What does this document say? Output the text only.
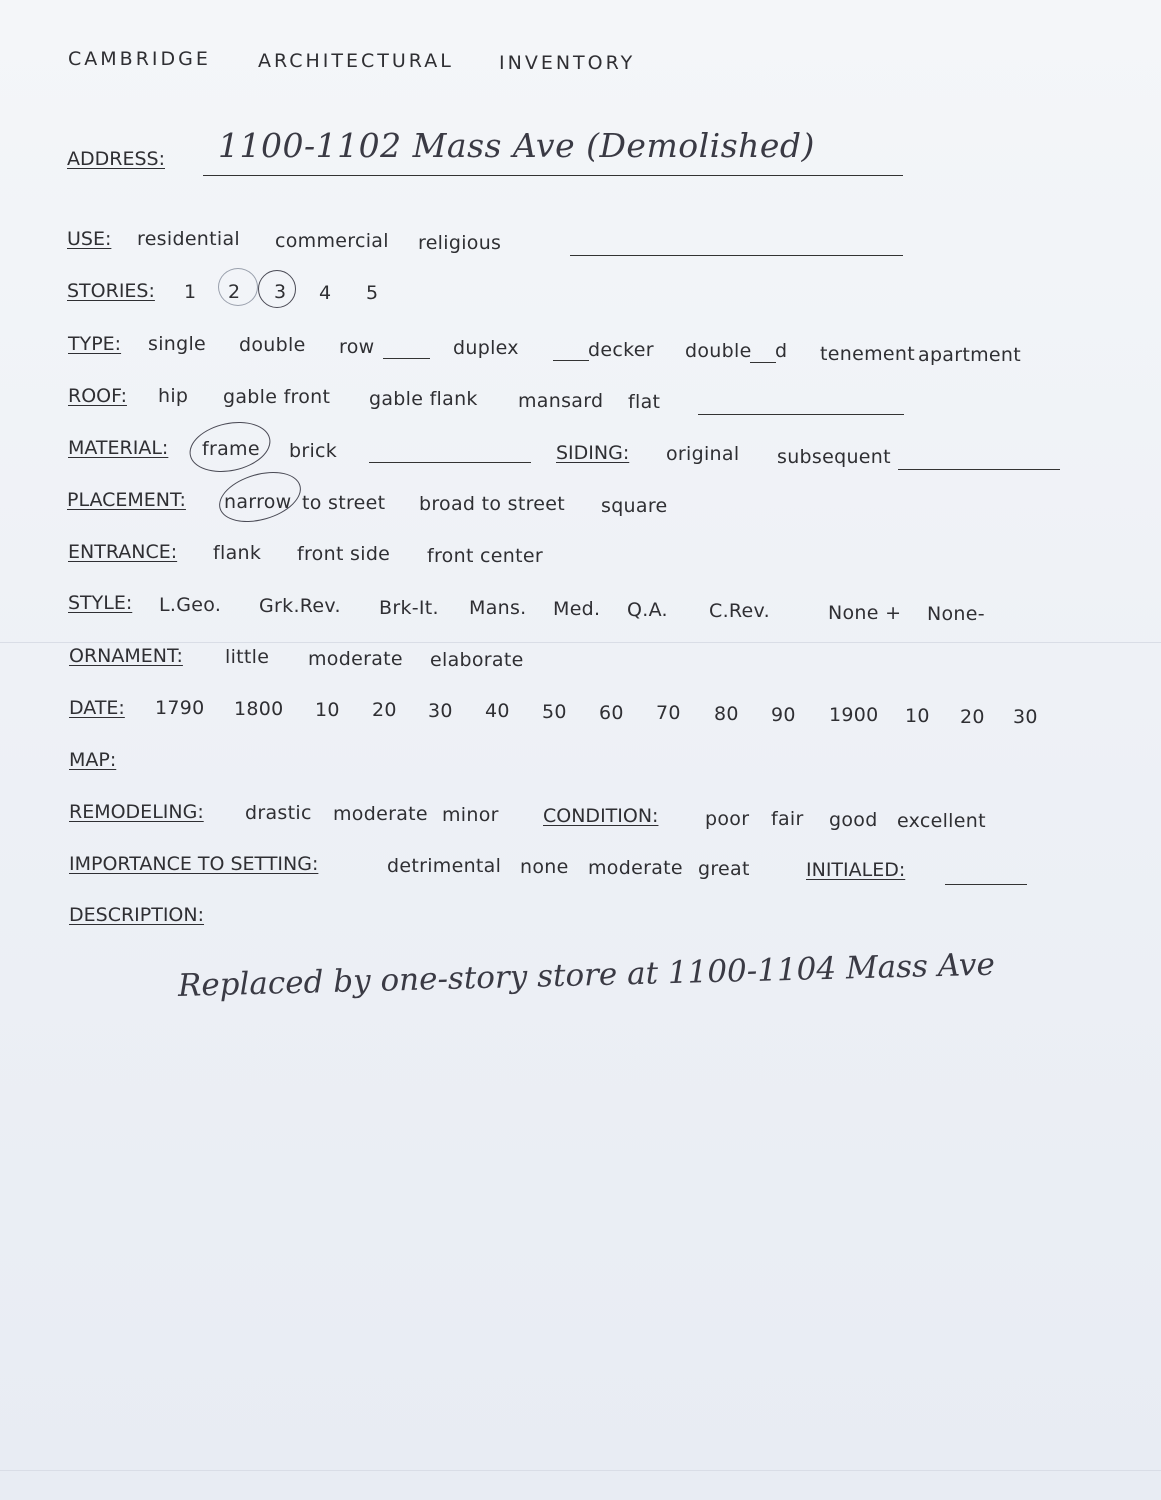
CAMBRIDGE ARCHITECTURAL INVENTORY
ADDRESS: 1100-1102 Mass Ave (Demolished)
USE: residential commercial religious
STORIES: 1 2 3 4 5
TYPE: single double row	duplex	decker double d tenement apartment
ROOF: hip gable front gable flank mansard flat
MATERIAL: frame brick	SIDING: original subsequent
PLACEMENT: narrow to street broad to street square
ENTRANCE: flank front side front center
STYLE: L.Geo. Grk.Rev. Brk-It. Mans. Med. Q.A. C.Rev.	None + None-
ORNAMENT: little moderate elaborate
DATE: 1790 1800 10 20 30 40 50 60 70 80 90 1900 10 20 30
MAP:
REMODELING: drastic moderate minor CONDITION: poor fair good excellent
IMPORTANCE TO SETTING:	detrimental none moderate great	INITIALED:
DESCRIPTION:
Replaced by one-story store at 1100-1104 Mass Ave
